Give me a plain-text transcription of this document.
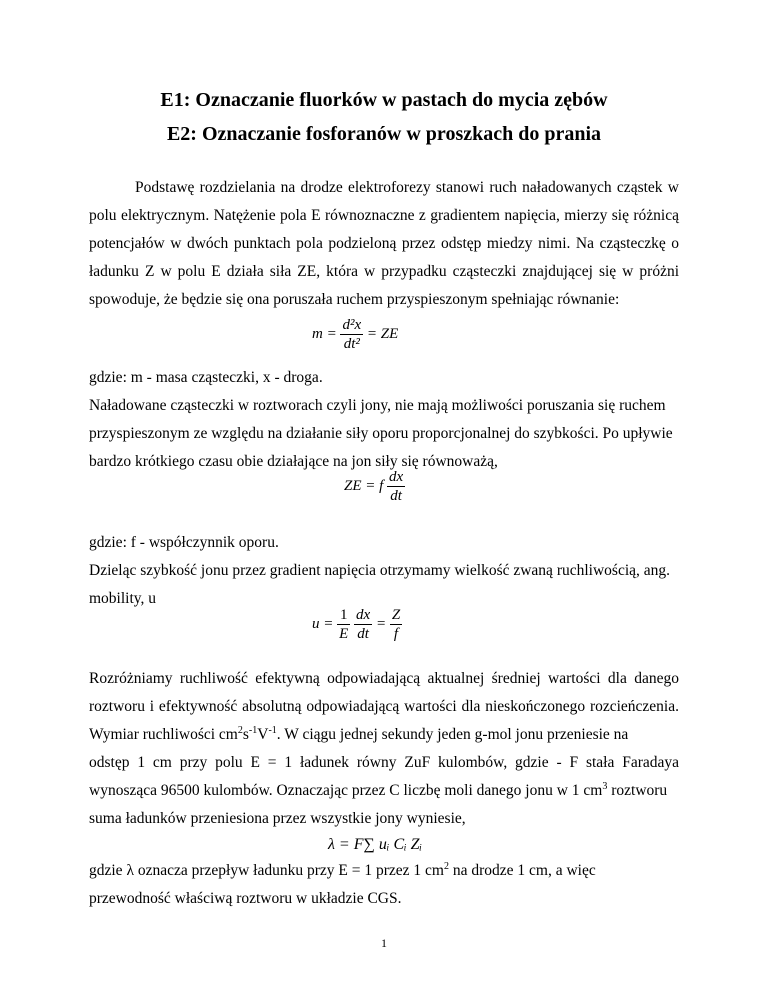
E1: Oznaczanie fluorków w pastach do mycia zębów
E2: Oznaczanie fosforanów w proszkach do prania
Podstawę rozdzielania na drodze elektroforezy stanowi ruch naładowanych cząstek w
polu elektrycznym. Natężenie pola E równoznaczne z gradientem napięcia, mierzy się różnicą
potencjałów w dwóch punktach pola podzieloną przez odstęp miedzy nimi. Na cząsteczkę o
ładunku Z w polu E działa siła ZE, która w przypadku cząsteczki znajdującej się w próżni
spowoduje, że będzie się ona poruszała ruchem przyspieszonym spełniając równanie:
$m = \frac{\text{d²x}}{\text{dt²}}$ = ZE
gdzie: m - masa cząsteczki, x - droga.
Naładowane cząsteczki w roztworach czyli jony, nie mają możliwości poruszania się ruchem
przyspieszonym ze względu na działanie siły oporu proporcjonalnej do szybkości. Po upływie
bardzo krótkiego czasu obie działające na jon siły się równoważą,
ZE = f $\frac{dx}{dt}$
gdzie: f - współczynnik oporu.
Dzieląc szybkość jonu przez gradient napięcia otrzymamy wielkość zwaną ruchliwością, ang.
mobility, u
$u = \frac{1}{E}$
$\frac{dx}{dt} = \frac{Z}{f}$
Rozróżniamy ruchliwość efektywną odpowiadającą aktualnej średniej wartości dla danego
roztworu i efektywność absolutną odpowiadającą wartości dla nieskończonego rozcieńczenia.
Wymiar ruchliwości $cm^2s^{-1}V^{-1}$. W ciągu jednej sekundy jeden g-mol jonu przeniesie na
odstęp 1 cm przy polu E = 1 ładunek równy ZuF kulombów, gdzie - F stała Faradaya
wynosząca 96500 kulombów. Oznaczając przez C liczbę moli danego jonu w 1 $cm^3$ roztworu
suma ładunków przeniesiona przez wszystkie jony wyniesie,
λ = F∑ uᵢ Cᵢ Zᵢ
gdzie λ oznacza przepływ ładunku przy E = 1 przez 1 $cm^2$ na drodze 1 cm, a więc
przewodność właściwą roztworu w układzie CGS.
1
